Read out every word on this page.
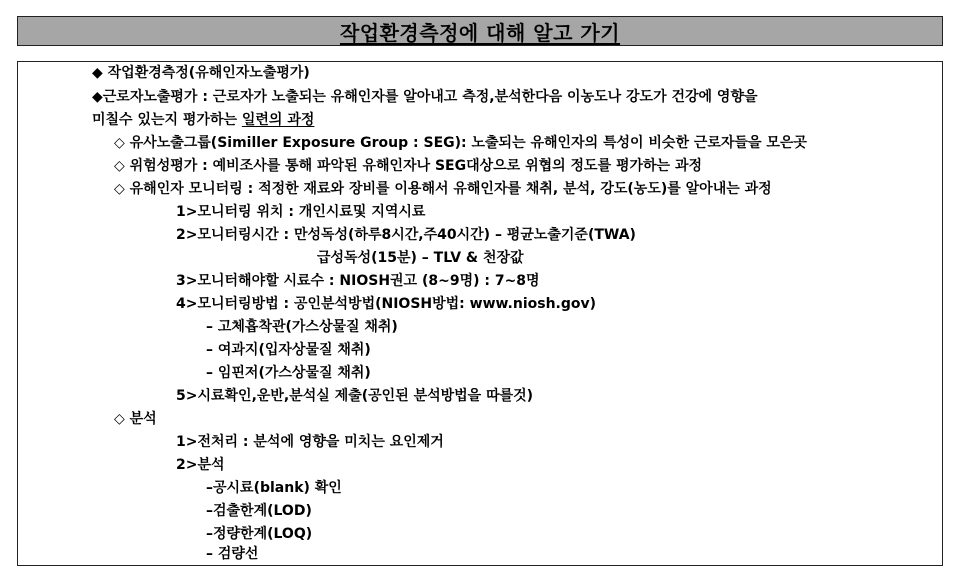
작업환경측정에 대해 알고 가기
◆ 작업환경측정(유해인자노출평가)
◆근로자노출평가 : 근로자가 노출되는 유해인자를 알아내고 측정,분석한다음 이농도나 강도가 건강에 영향을
미칠수 있는지 평가하는 일련의 과정
◇ 유사노출그룹(Similler Exposure Group : SEG): 노출되는 유해인자의 특성이 비슷한 근로자들을 모은곳
◇ 위험성평가 : 예비조사를 통해 파악된 유해인자나 SEG대상으로 위협의 정도를 평가하는 과정
◇ 유해인자 모니터링 : 적정한 재료와 장비를 이용해서 유해인자를 채취, 분석, 강도(농도)를 알아내는 과정
1>모니터링 위치 : 개인시료및 지역시료
2>모니터링시간 : 만성독성(하루8시간,주40시간) – 평균노출기준(TWA)
급성독성(15분) – TLV & 천장값
3>모니터해야할 시료수 : NIOSH권고 (8~9명) : 7~8명
4>모니터링방법 : 공인분석방법(NIOSH방법: www.niosh.gov)
– 고체흡착관(가스상물질 채취)
– 여과지(입자상물질 채취)
– 임핀저(가스상물질 채취)
5>시료확인,운반,분석실 제출(공인된 분석방법을 따를것)
◇ 분석
1>전처리 : 분석에 영향을 미치는 요인제거
2>분석
–공시료(blank) 확인
–검출한계(LOD)
–정량한계(LOQ)
– 검량선
